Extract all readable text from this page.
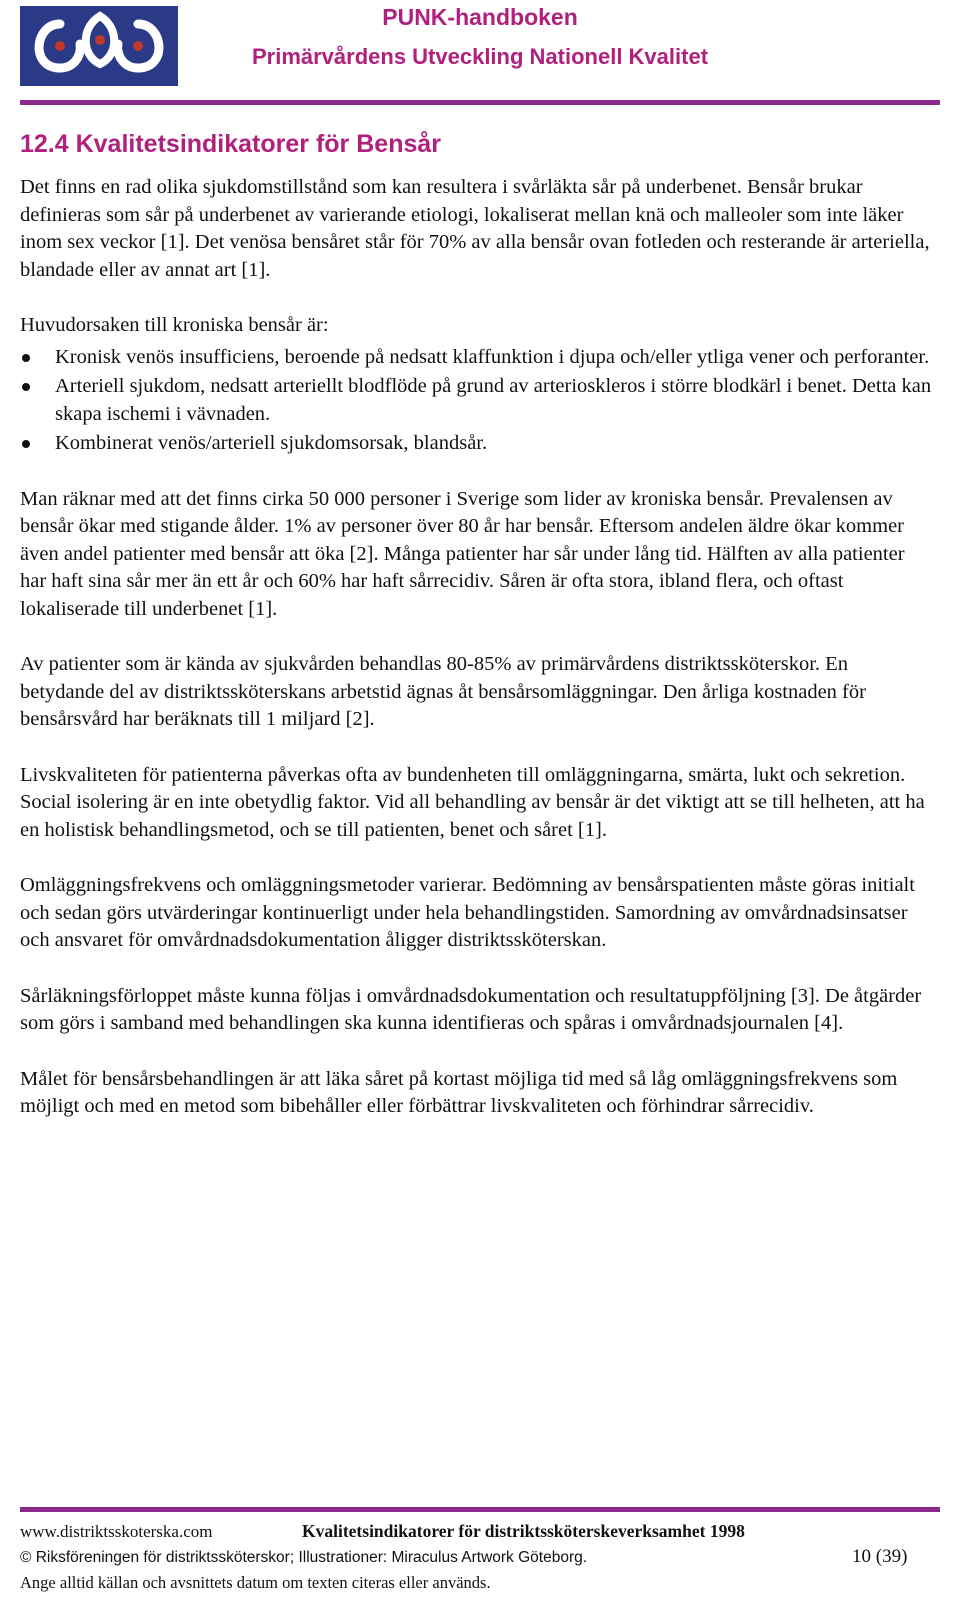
PUNK-handboken
Primärvårdens Utveckling Nationell Kvalitet
12.4 Kvalitetsindikatorer för Bensår

Det finns en rad olika sjukdomstillstånd som kan resultera i svårläkta sår på underbenet. Bensår brukar definieras som sår på underbenet av varierande etiologi, lokaliserat mellan knä och malleoler som inte läker inom sex veckor [1]. Det venösa bensåret står för 70% av alla bensår ovan fotleden och resterande är arteriella, blandade eller av annat art [1].

Huvudorsaken till kroniska bensår är:

Kronisk venös insufficiens, beroende på nedsatt klaffunktion i djupa och/eller ytliga vener och perforanter.
Arteriell sjukdom, nedsatt arteriellt blodflöde på grund av arterioskleros i större blodkärl i benet. Detta kan skapa ischemi i vävnaden.
Kombinerat venös/arteriell sjukdomsorsak, blandsår.

Man räknar med att det finns cirka 50 000 personer i Sverige som lider av kroniska bensår. Prevalensen av bensår ökar med stigande ålder. 1% av personer över 80 år har bensår. Eftersom andelen äldre ökar kommer även andel patienter med bensår att öka [2]. Många patienter har sår under lång tid. Hälften av alla patienter har haft sina sår mer än ett år och 60% har haft sårrecidiv. Såren är ofta stora, ibland flera, och oftast lokaliserade till underbenet [1].

Av patienter som är kända av sjukvården behandlas 80-85% av primärvårdens distriktssköterskor. En betydande del av distriktssköterskans arbetstid ägnas åt bensårsomläggningar. Den årliga kostnaden för bensårsvård har beräknats till 1 miljard [2].

Livskvaliteten för patienterna påverkas ofta av bundenheten till omläggningarna, smärta, lukt och sekretion. Social isolering är en inte obetydlig faktor. Vid all behandling av bensår är det viktigt att se till helheten, att ha en holistisk behandlingsmetod, och se till patienten, benet och såret [1].

Omläggningsfrekvens och omläggningsmetoder varierar. Bedömning av bensårspatienten måste göras initialt och sedan görs utvärderingar kontinuerligt under hela behandlingstiden. Samordning av omvårdnadsinsatser och ansvaret för omvårdnadsdokumentation åligger distriktssköterskan.

Sårläkningsförloppet måste kunna följas i omvårdnadsdokumentation och resultatuppföljning [3]. De åtgärder som görs i samband med behandlingen ska kunna identifieras och spåras i omvårdnadsjournalen [4].

Målet för bensårsbehandlingen är att läka såret på kortast möjliga tid med så låg omläggningsfrekvens som möjligt och med en metod som bibehåller eller förbättrar livskvaliteten och förhindrar sårrecidiv.

www.distriktsskoterska.com	Kvalitetsindikatorer för distriktssköterskeverksamhet 1998
© Riksföreningen för distriktssköterskor; Illustrationer: Miraculus Artwork Göteborg.	10 (39)
Ange alltid källan och avsnittets datum om texten citeras eller används.
